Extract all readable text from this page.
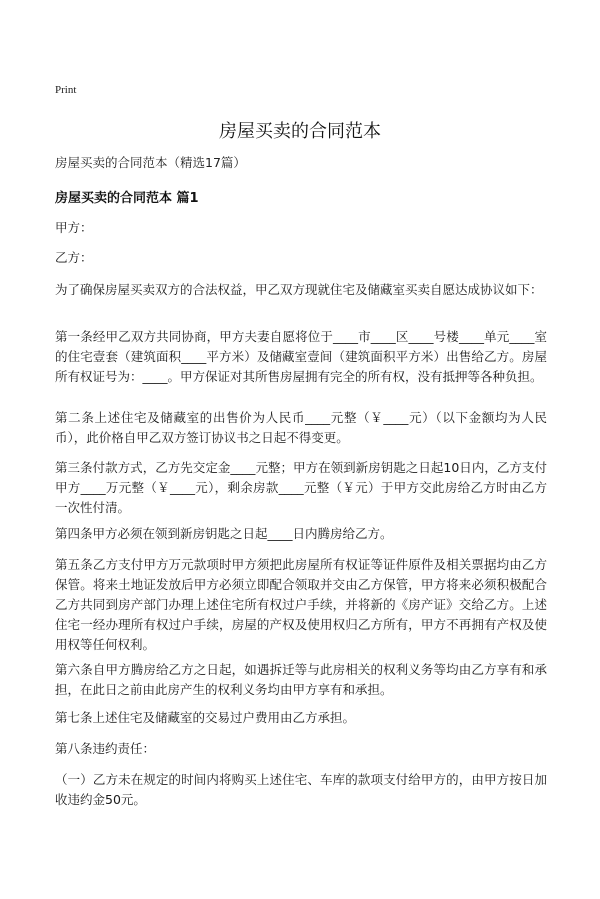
Print
房屋买卖的合同范本
房屋买卖的合同范本（精选17篇）
房屋买卖的合同范本 篇1
甲方：
乙方：
为了确保房屋买卖双方的合法权益，甲乙双方现就住宅及储藏室买卖自愿达成协议如下：
第一条经甲乙双方共同协商，甲方夫妻自愿将位于____市____区____号楼____单元____室的住宅壹套（建筑面积____平方米）及储藏室壹间（建筑面积平方米）出售给乙方。房屋所有权证号为：____。甲方保证对其所售房屋拥有完全的所有权，没有抵押等各种负担。
第二条上述住宅及储藏室的出售价为人民币____元整（￥____元）（以下金额均为人民币），此价格自甲乙双方签订协议书之日起不得变更。
第三条付款方式，乙方先交定金____元整；甲方在领到新房钥匙之日起10日内，乙方支付甲方____万元整（￥____元），剩余房款____元整（￥元）于甲方交此房给乙方时由乙方一次性付清。
第四条甲方必须在领到新房钥匙之日起____日内腾房给乙方。
第五条乙方支付甲方万元款项时甲方须把此房屋所有权证等证件原件及相关票据均由乙方保管。将来土地证发放后甲方必须立即配合领取并交由乙方保管，甲方将来必须积极配合乙方共同到房产部门办理上述住宅所有权过户手续，并将新的《房产证》交给乙方。上述住宅一经办理所有权过户手续，房屋的产权及使用权归乙方所有，甲方不再拥有产权及使用权等任何权利。
第六条自甲方腾房给乙方之日起，如遇拆迁等与此房相关的权利义务等均由乙方享有和承担，在此日之前由此房产生的权利义务均由甲方享有和承担。
第七条上述住宅及储藏室的交易过户费用由乙方承担。
第八条违约责任：
（一）乙方未在规定的时间内将购买上述住宅、车库的款项支付给甲方的，由甲方按日加收违约金50元。
